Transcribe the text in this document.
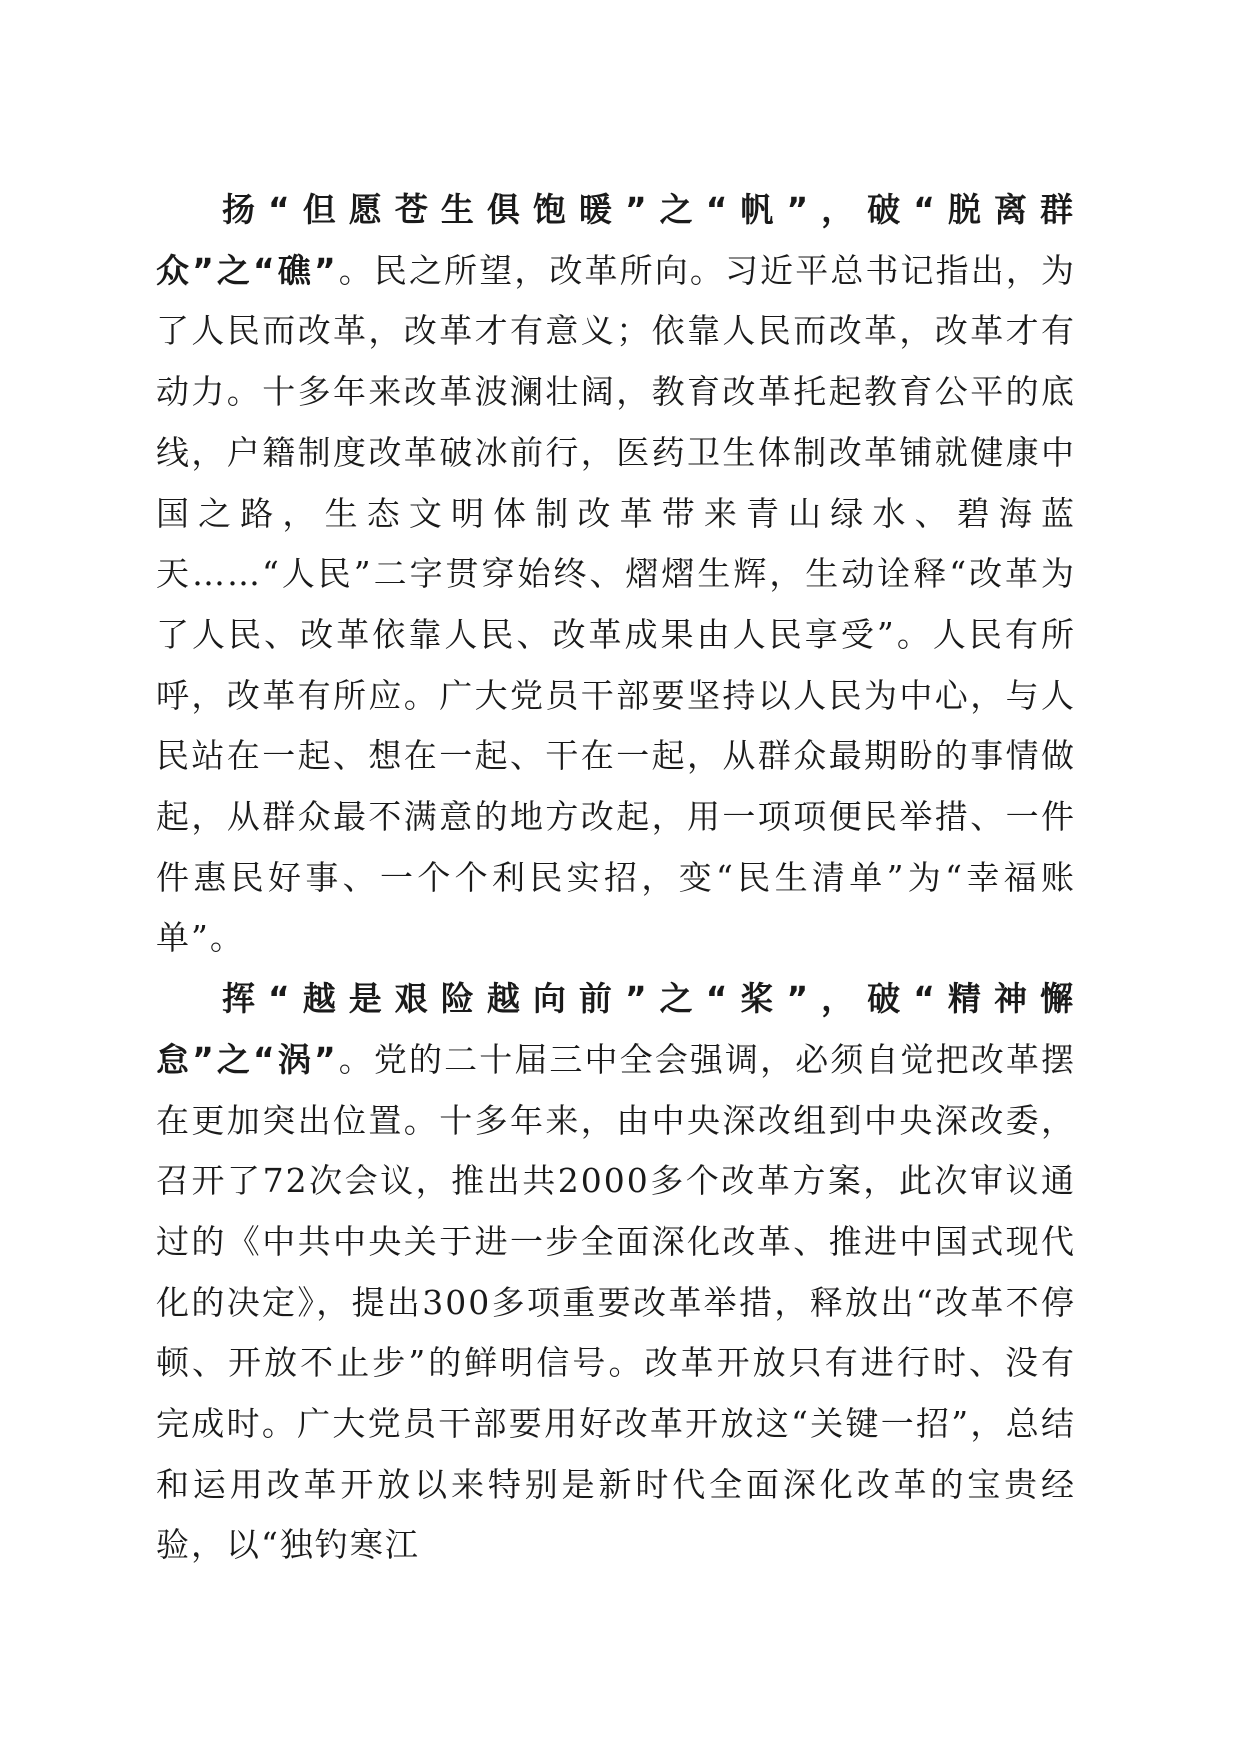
扬“但愿苍生俱饱暖”之“帆”，破“脱离群众”之“礁”。民之所望，改革所向。习近平总书记指出，为了人民而改革，改革才有意义；依靠人民而改革，改革才有动力。十多年来改革波澜壮阔，教育改革托起教育公平的底线，户籍制度改革破冰前行，医药卫生体制改革铺就健康中国之路，生态文明体制改革带来青山绿水、碧海蓝天……“人民”二字贯穿始终、熠熠生辉，生动诠释“改革为了人民、改革依靠人民、改革成果由人民享受”。人民有所呼，改革有所应。广大党员干部要坚持以人民为中心，与人民站在一起、想在一起、干在一起，从群众最期盼的事情做起，从群众最不满意的地方改起，用一项项便民举措、一件件惠民好事、一个个利民实招，变“民生清单”为“幸福账单”。

挥“越是艰险越向前”之“桨”，破“精神懈怠”之“涡”。党的二十届三中全会强调，必须自觉把改革摆在更加突出位置。十多年来，由中央深改组到中央深改委，召开了72次会议，推出共2000多个改革方案，此次审议通过的《中共中央关于进一步全面深化改革、推进中国式现代化的决定》，提出300多项重要改革举措，释放出“改革不停顿、开放不止步”的鲜明信号。改革开放只有进行时、没有完成时。广大党员干部要用好改革开放这“关键一招”，总结和运用改革开放以来特别是新时代全面深化改革的宝贵经验，以“独钓寒江
